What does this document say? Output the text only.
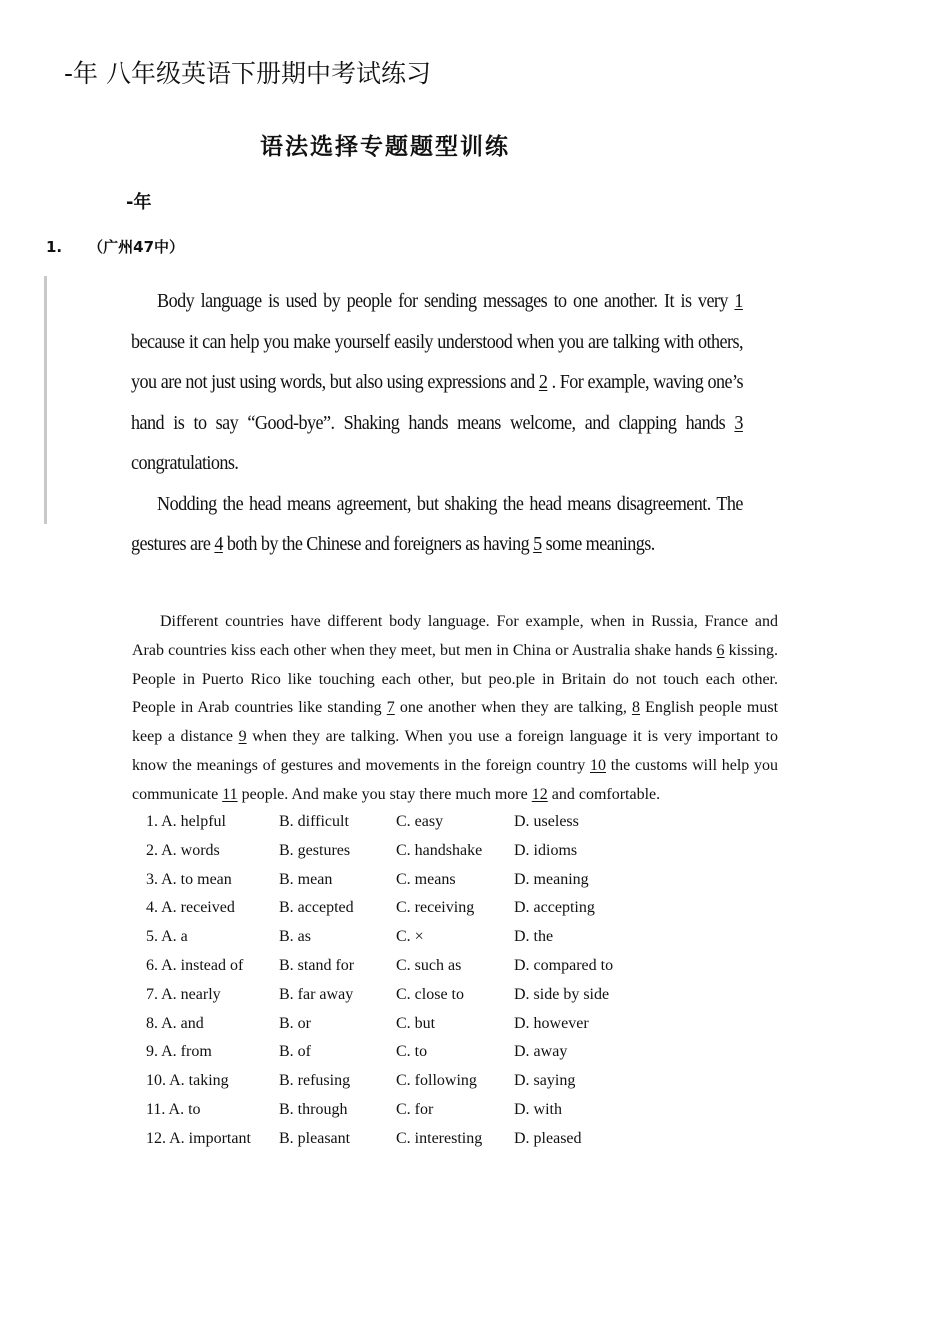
-年 八年级英语下册期中考试练习
语法选择专题题型训练
-年
1. （广州47中）

Body language is used by people for sending messages to one another. It is very 1 because it can help you make yourself easily understood when you are talking with others, you are not just using words, but also using expressions and 2 . For example, waving one’s hand is to say “Good-bye”. Shaking hands means welcome, and clapping hands 3 congratulations.

Nodding the head means agreement, but shaking the head means disagreement. The gestures are 4 both by the Chinese and foreigners as having 5 some meanings.

Different countries have different body language. For example, when in Russia, France and Arab countries kiss each other when they meet, but men in China or Australia shake hands 6 kissing. People in Puerto Rico like touching each other, but peo.ple in Britain do not touch each other. People in Arab countries like standing 7 one another when they are talking, 8 English people must keep a distance 9 when they are talking. When you use a foreign language it is very important to know the meanings of gestures and movements in the foreign country 10 the customs will help you communicate 11 people. And make you stay there much more 12 and comfortable.

1. A. helpful	B. difficult	C. easy	D. useless
2. A. words	B. gestures	C. handshake D. idioms
3. A. to mean	B. mean	C. means	D. meaning
4. A. received	B. accepted	C. receiving D. accepting
5. A. a	B. as	C. ×	D. the
6. A. instead of B. stand for	C. such as	D. compared to
7. A. nearly	B. far away	C. close to	D. side by side
8. A. and	B. or	C. but	D. however
9. A. from	B. of	C. to	D. away
10. A. taking	B. refusing	C. following D. saying
11. A. to	B. through	C. for	D. with
12. A. important B. pleasant	C. interesting D. pleased
